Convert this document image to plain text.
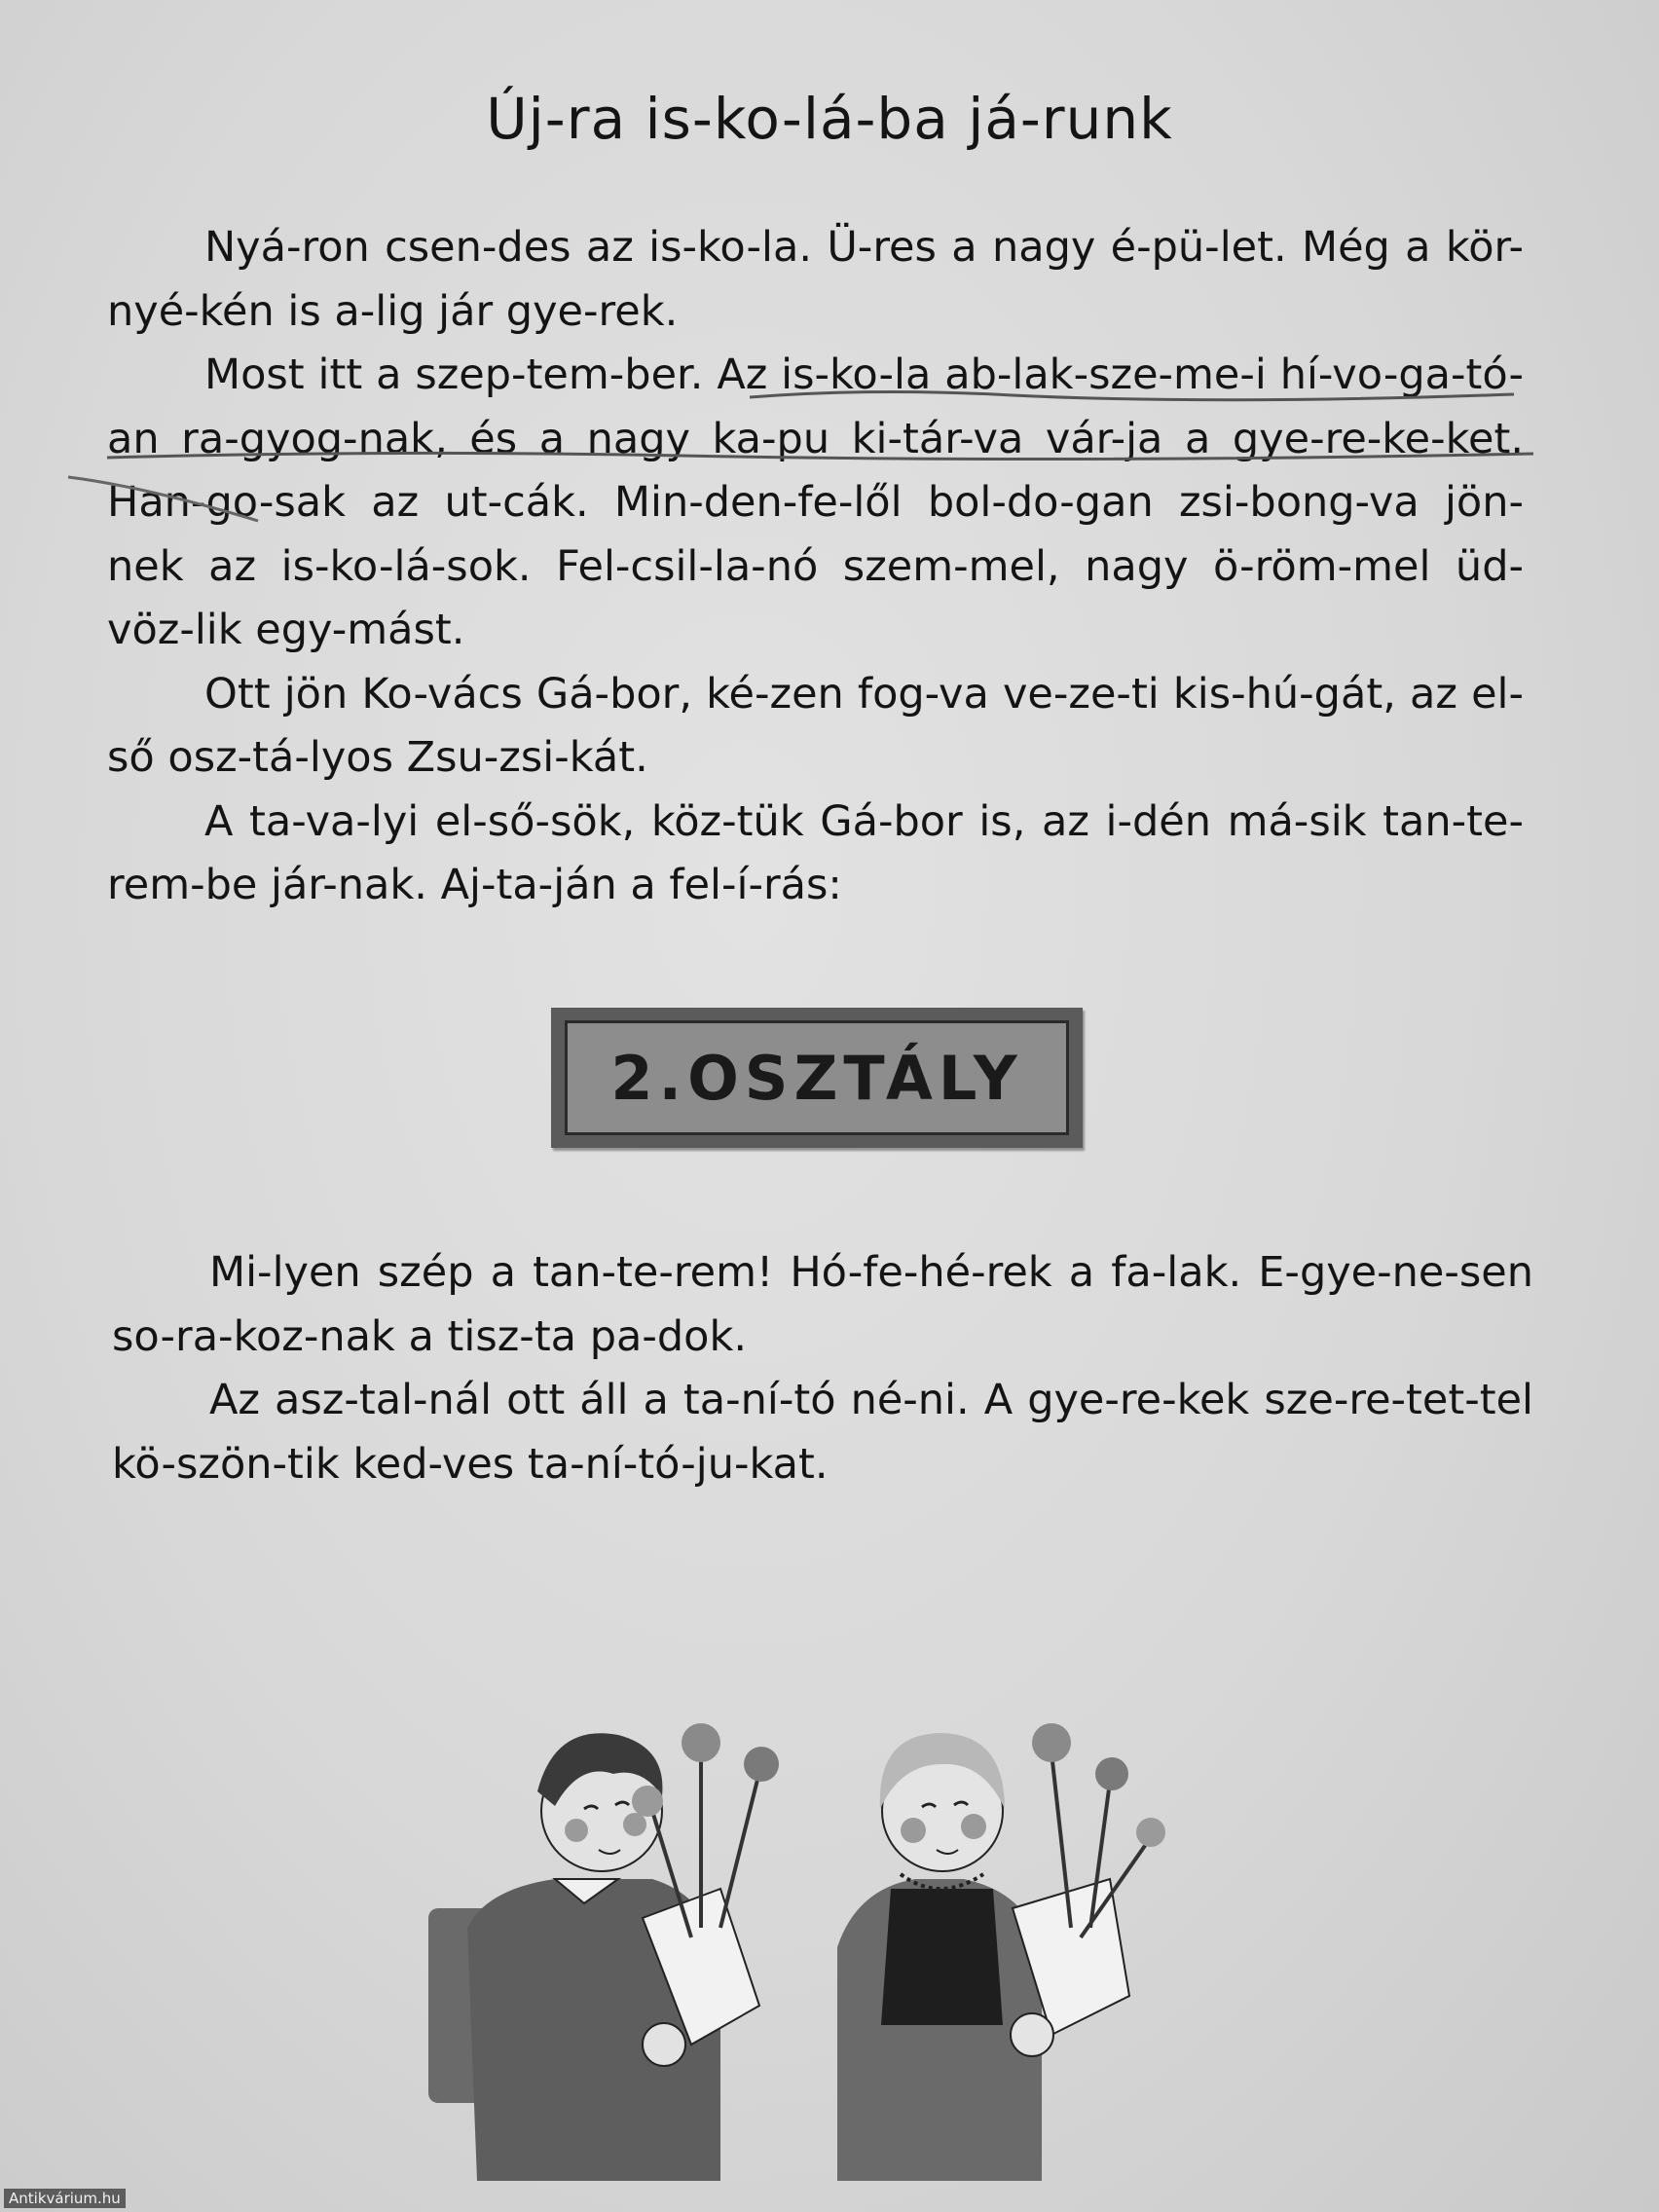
Új-ra is-ko-lá-ba já-runk

Nyá-ron csen-des az is-ko-la. Ü-res a nagy é-pü-let. Még a kör-nyé-kén is a-lig jár gye-rek.

Most itt a szep-tem-ber. Az is-ko-la ab-lak-sze-me-i hí-vo-ga-tó-an ra-gyog-nak, és a nagy ka-pu ki-tár-va vár-ja a gye-re-ke-ket. Han-go-sak az ut-cák. Min-den-fe-lől bol-do-gan zsi-bong-va jön-nek az is-ko-lá-sok. Fel-csil-la-nó szem-mel, nagy ö-röm-mel üd-vöz-lik egy-mást.

Ott jön Ko-vács Gá-bor, ké-zen fog-va ve-ze-ti kis-hú-gát, az el-ső osz-tá-lyos Zsu-zsi-kát.

A ta-va-lyi el-ső-sök, köz-tük Gá-bor is, az i-dén má-sik tan-te-rem-be jár-nak. Aj-ta-ján a fel-í-rás:

2.OSZTÁLY

Mi-lyen szép a tan-te-rem! Hó-fe-hé-rek a fa-lak. E-gye-ne-sen so-ra-koz-nak a tisz-ta pa-dok.

Az asz-tal-nál ott áll a ta-ní-tó né-ni. A gye-re-kek sze-re-tet-tel kö-szön-tik ked-ves ta-ní-tó-ju-kat.

Antikvárium.hu
